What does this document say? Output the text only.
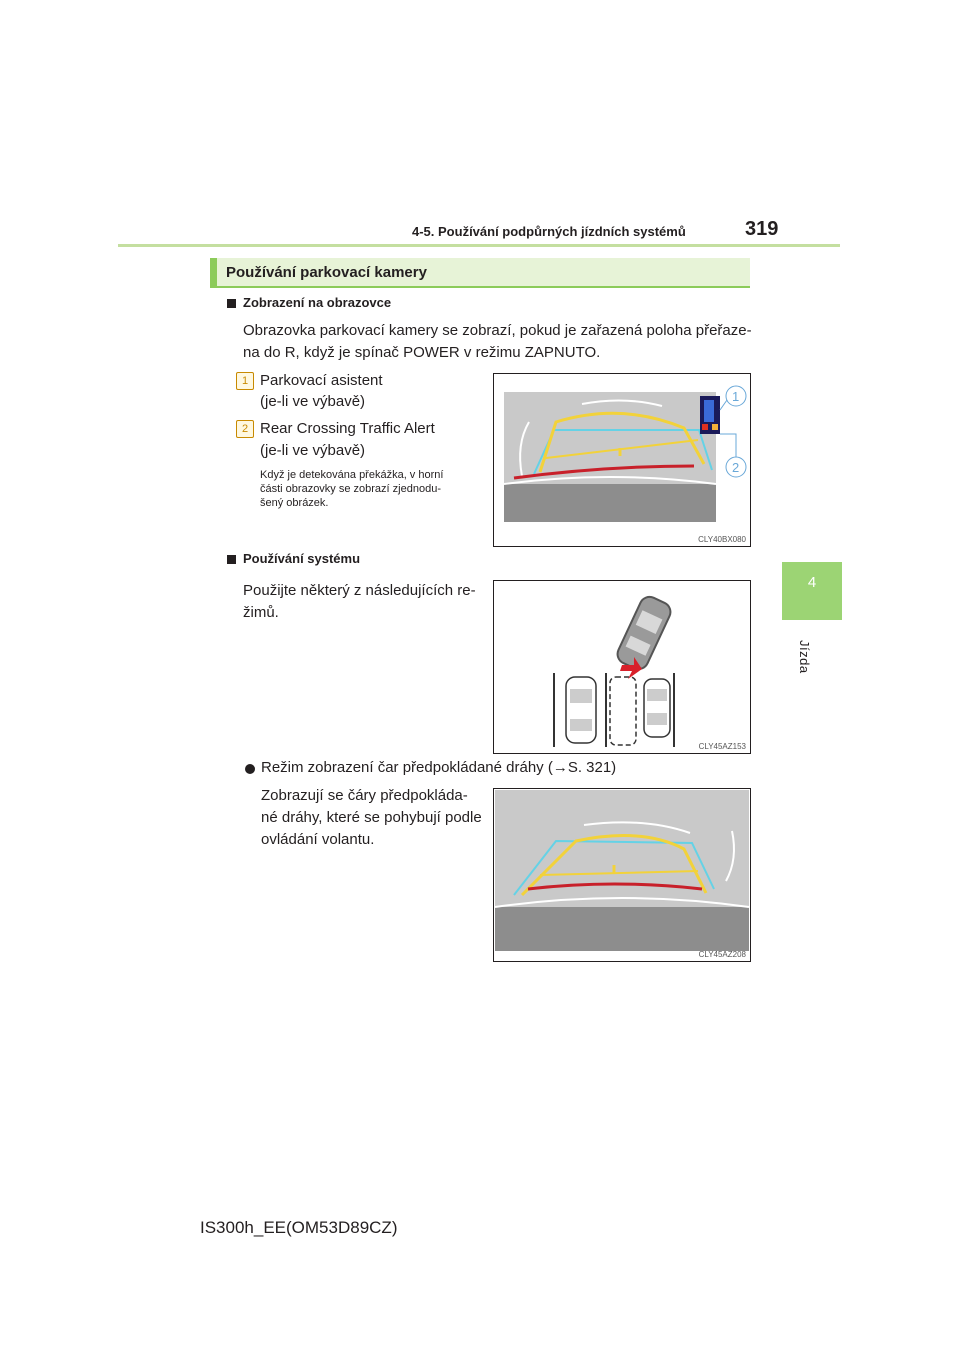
4-5. Používání podpůrných jízdních systémů	319
4
Jízda
Používání parkovací kamery
Zobrazení na obrazovce
Obrazovka parkovací kamery se zobrazí, pokud je zařazená poloha přeřaze-
na do R, když je spínač POWER v režimu ZAPNUTO.
1 Parkovací asistent
(je-li ve výbavě)
2 Rear Crossing Traffic Alert
(je-li ve výbavě)
Když je detekována překážka, v horní
části obrazovky se zobrazí zjednodu-
šený obrázek.
1
2
CLY40BX080
Používání systému
Použijte některý z následujících re-
žimů.
CLY45AZ153
Režim zobrazení čar předpokládané dráhy (→S. 321)
Zobrazují se čáry předpokláda-
né dráhy, které se pohybují podle
ovládání volantu.
CLY45AZ208
IS300h_EE(OM53D89CZ)
